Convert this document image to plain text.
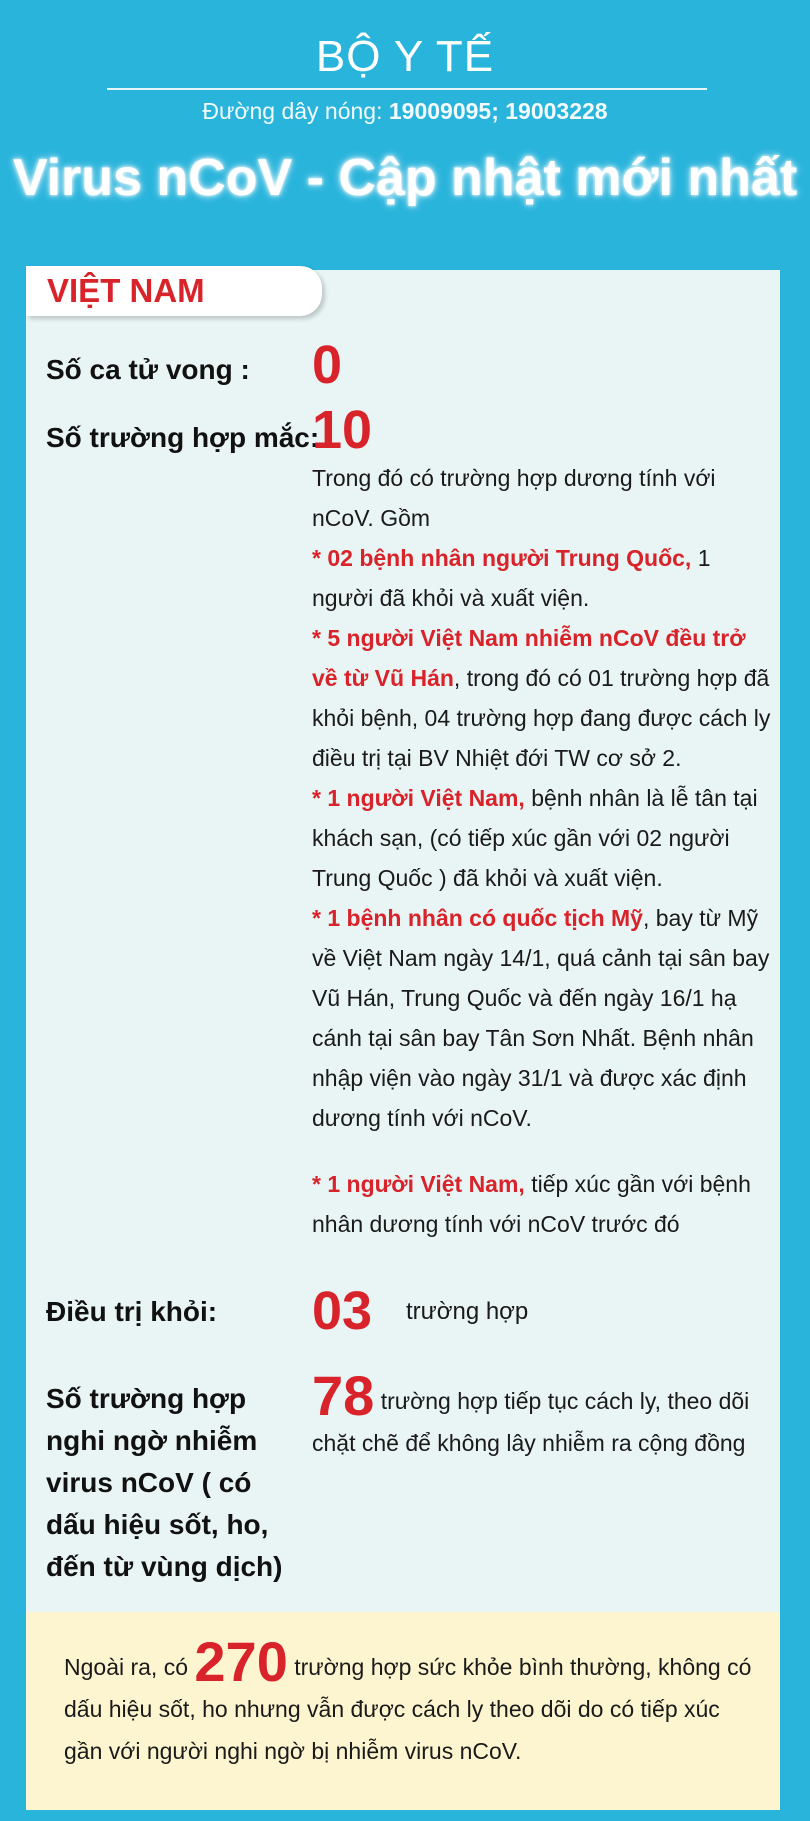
BỘ Y TẾ
Đường dây nóng: 19009095; 19003228
Virus nCoV - Cập nhật mới nhất
VIỆT NAM
Số ca tử vong : 0
Số trường hợp mắc:
10

Trong đó có trường hợp dương tính với nCoV. Gồm

* 02 bệnh nhân người Trung Quốc, 1 người đã khỏi và xuất viện.

* 5 người Việt Nam nhiễm nCoV đều trở về từ Vũ Hán, trong đó có 01 trường hợp đã khỏi bệnh, 04 trường hợp đang được cách ly điều trị tại BV Nhiệt đới TW cơ sở 2.

* 1 người Việt Nam, bệnh nhân là lễ tân tại khách sạn, (có tiếp xúc gần với 02 người Trung Quốc ) đã khỏi và xuất viện.

* 1 bệnh nhân có quốc tịch Mỹ, bay từ Mỹ về Việt Nam ngày 14/1, quá cảnh tại sân bay Vũ Hán, Trung Quốc và đến ngày 16/1 hạ cánh tại sân bay Tân Sơn Nhất. Bệnh nhân nhập viện vào ngày 31/1 và được xác định dương tính với nCoV.

* 1 người Việt Nam, tiếp xúc gần với bệnh nhân dương tính với nCoV trước đó

Điều trị khỏi: 03 trường hợp
Số trường hợp nghi ngờ nhiễm virus nCoV ( có dấu hiệu sốt, ho, đến từ vùng dịch)
78 trường hợp tiếp tục cách ly, theo dõi chặt chẽ để không lây nhiễm ra cộng đồng
Ngoài ra, có 270 trường hợp sức khỏe bình thường, không có dấu hiệu sốt, ho nhưng vẫn được cách ly theo dõi do có tiếp xúc gần với người nghi ngờ bị nhiễm virus nCoV.
